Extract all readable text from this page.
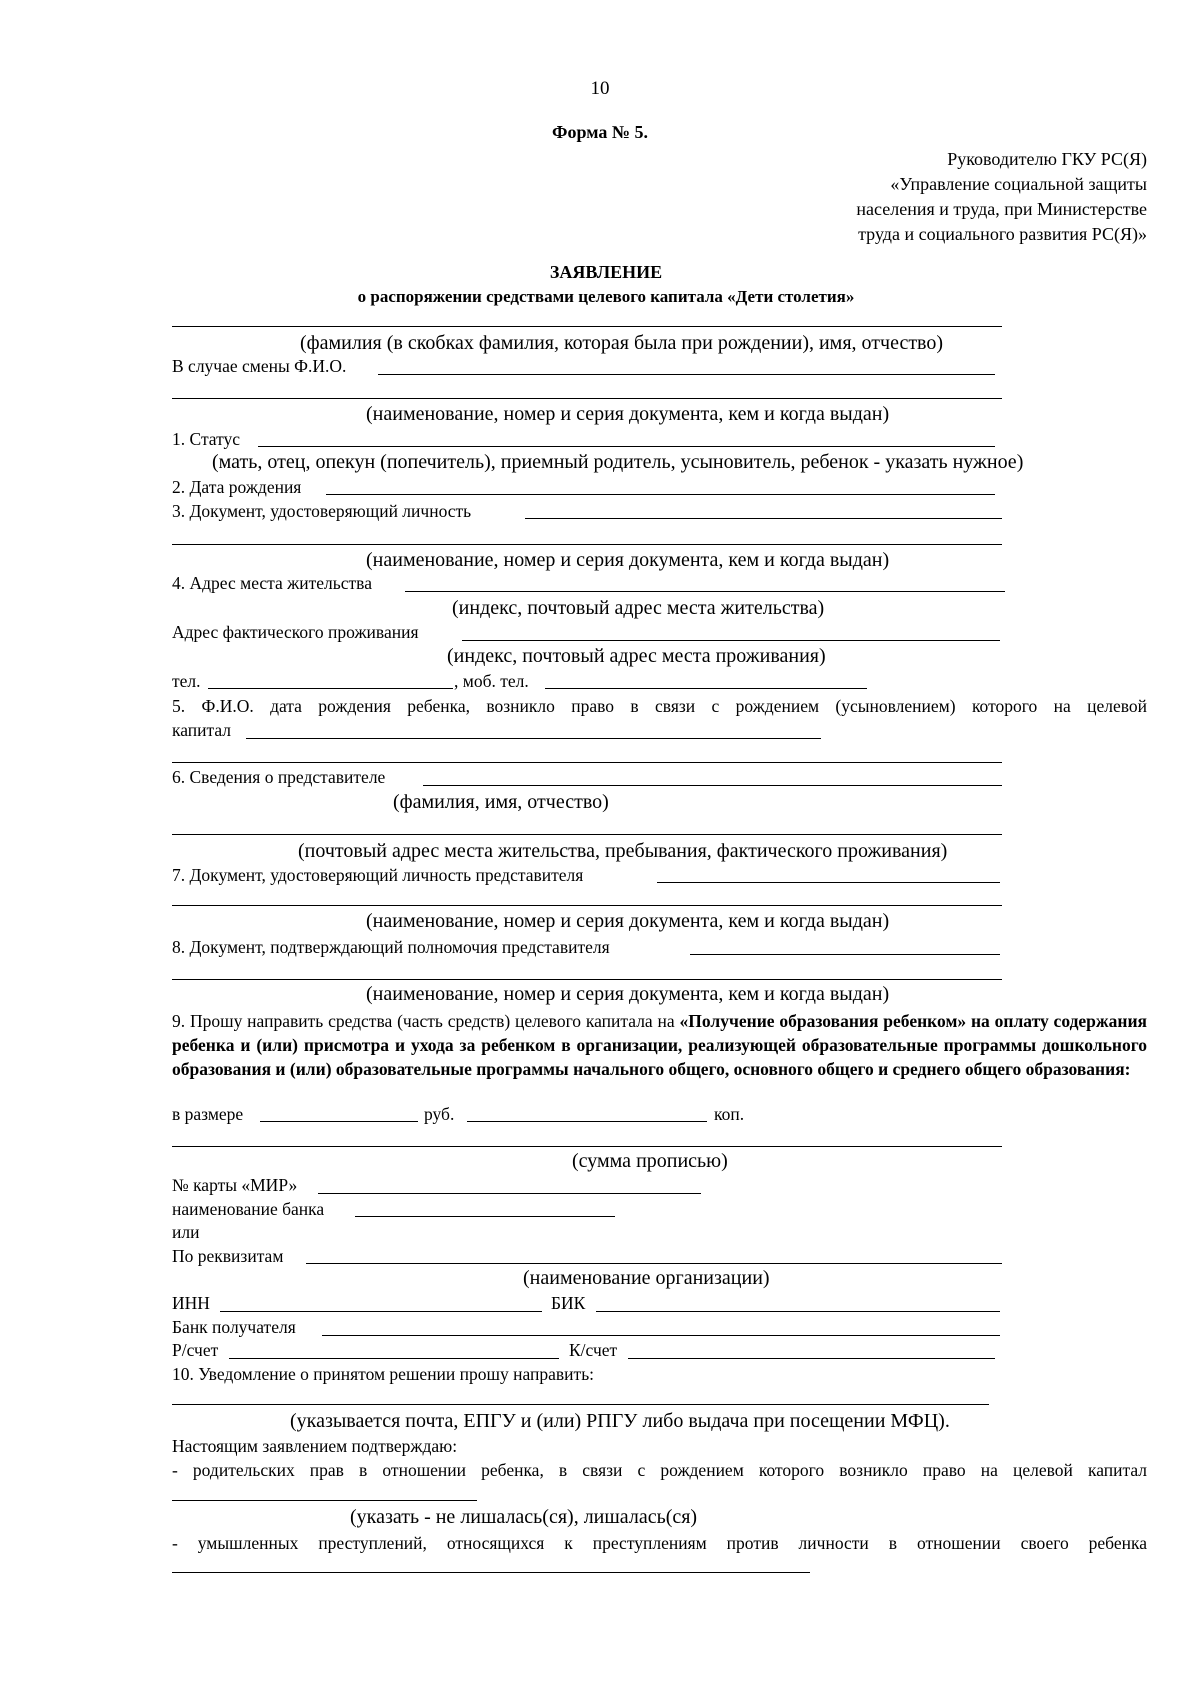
10
Форма № 5.
Руководителю ГКУ РС(Я)
«Управление социальной защиты
населения и труда, при Министерстве
труда и социального развития РС(Я)»
ЗАЯВЛЕНИЕ
о распоряжении средствами целевого капитала «Дети столетия»
(фамилия (в скобках фамилия, которая была при рождении), имя, отчество)
В случае смены Ф.И.О.
(наименование, номер и серия документа, кем и когда выдан)
1. Статус
(мать, отец, опекун (попечитель), приемный родитель, усыновитель, ребенок - указать нужное)
2. Дата рождения
3. Документ, удостоверяющий личность
(наименование, номер и серия документа, кем и когда выдан)
4. Адрес места жительства
(индекс, почтовый адрес места жительства)
Адрес фактического проживания
(индекс, почтовый адрес места проживания)
тел.	, моб. тел.
5. Ф.И.О. дата рождения ребенка, возникло право в связи с рождением (усыновлением) которого на целевой
капитал
6. Сведения о представителе
(фамилия, имя, отчество)
(почтовый адрес места жительства, пребывания, фактического проживания)
7. Документ, удостоверяющий личность представителя
(наименование, номер и серия документа, кем и когда выдан)
8. Документ, подтверждающий полномочия представителя
(наименование, номер и серия документа, кем и когда выдан)
9. Прошу направить средства (часть средств) целевого капитала на «Получение образования ребенком» на оплату содержания ребенка и (или) присмотра и ухода за ребенком в организации, реализующей образовательные программы дошкольного образования и (или) образовательные программы начального общего, основного общего и среднего общего образования:
в размере	руб.	коп.
(сумма прописью)
№ карты «МИР»
наименование банка
или
По реквизитам
(наименование организации)
ИНН	БИК
Банк получателя
Р/счет	К/счет
10. Уведомление о принятом решении прошу направить:
(указывается почта, ЕПГУ и (или) РПГУ либо выдача при посещении МФЦ).
Настоящим заявлением подтверждаю:
- родительских прав в отношении ребенка, в связи с рождением которого возникло право на целевой капитал
(указать - не лишалась(ся), лишалась(ся)
- умышленных преступлений, относящихся к преступлениям против личности в отношении своего ребенка
